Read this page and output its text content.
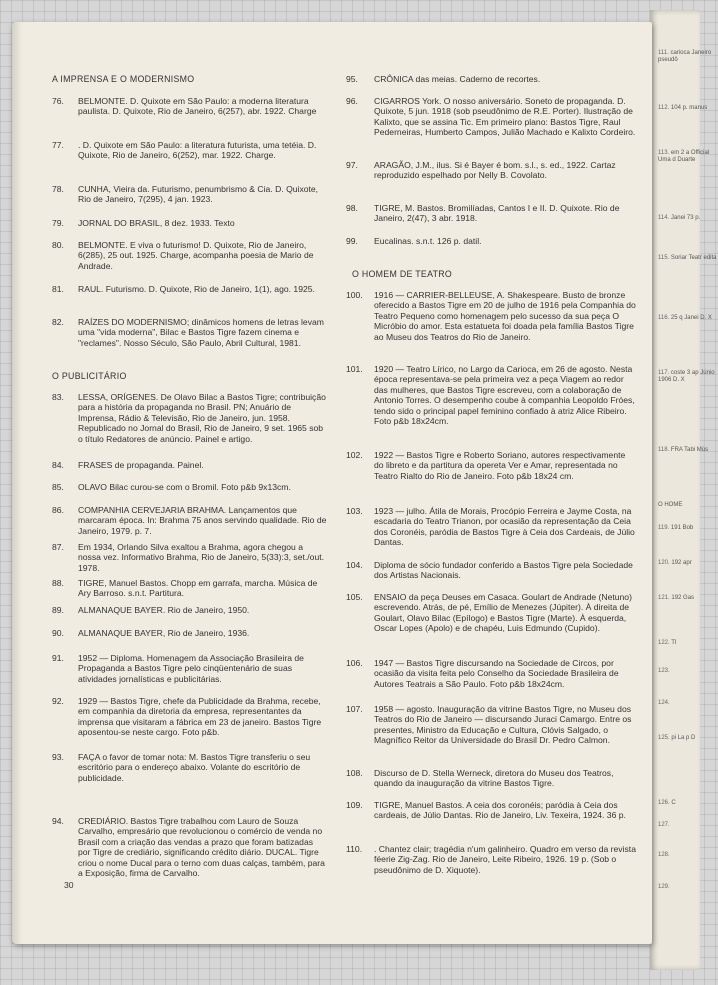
111. carioca Janeiro pseudô
112. 104 p. manus
113. em 2 a Official Uma d Duarte
114. Janei 73 p.
115. Soriar Teatr edita
116. 25 q Janei D. X
117. coste 3 ap Júnio 1906 D. X
118. FRA Tabi Mús
O HOME
119. 191 Bob
120. 192 apr
121. 192 Gas
122. TI
123.
124.
125. pi La p D
126. C
127.
128.
129.
A IMPRENSA E O MODERNISMO
76. BELMONTE. D. Quixote em São Paulo: a moderna literatura paulista. D. Quixote, Rio de Janeiro, 6(257), abr. 1922. Charge
77. . D. Quixote em São Paulo: a literatura futurista, uma tetéia. D. Quixote, Rio de Janeiro, 6(252), mar. 1922. Charge.
78. CUNHA, Vieira da. Futurismo, penumbrismo & Cia. D. Quixote, Rio de Janeiro, 7(295), 4 jan. 1923.
79. JORNAL DO BRASIL, 8 dez. 1933. Texto
80. BELMONTE. E viva o futurismo! D. Quixote, Rio de Janeiro, 6(285), 25 out. 1925. Charge, acompanha poesia de Mario de Andrade.
81. RAUL. Futurismo. D. Quixote, Rio de Janeiro, 1(1), ago. 1925.
82. RAÍZES DO MODERNISMO; dinâmicos homens de letras levam uma "vida moderna", Bilac e Bastos Tigre fazem cinema e "reclames". Nosso Século, São Paulo, Abril Cultural, 1981.
O PUBLICITÁRIO
83. LESSA, ORÍGENES. De Olavo Bilac a Bastos Tigre; contribuição para a história da propaganda no Brasil. PN; Anuário de Imprensa, Rádio & Televisão, Rio de Janeiro, jun. 1958. Republicado no Jornal do Brasil, Rio de Janeiro, 9 set. 1965 sob o título Redatores de anúncio. Painel e artigo.
84. FRASES de propaganda. Painel.
85. OLAVO Bilac curou-se com o Bromil. Foto p&b 9x13cm.
86. COMPANHIA CERVEJARIA BRAHMA. Lançamentos que marcaram época. In: Brahma 75 anos servindo qualidade. Rio de Janeiro, 1979. p. 7.
87. Em 1934, Orlando Silva exaltou a Brahma, agora chegou a nossa vez. Informativo Brahma, Rio de Janeiro, 5(33):3, set./out. 1978.
88. TIGRE, Manuel Bastos. Chopp em garrafa, marcha. Música de Ary Barroso. s.n.t. Partitura.
89. ALMANAQUE BAYER. Rio de Janeiro, 1950.
90. ALMANAQUE BAYER, Rio de Janeiro, 1936.
91. 1952 — Diploma. Homenagem da Associação Brasileira de Propaganda a Bastos Tigre pelo cinqüentenário de suas atividades jornalísticas e publicitárias.
92. 1929 — Bastos Tigre, chefe da Publicidade da Brahma, recebe, em companhia da diretoria da empresa, representantes da imprensa que visitaram a fábrica em 23 de janeiro. Bastos Tigre aposentou-se neste cargo. Foto p&b.
93. FAÇA o favor de tomar nota: M. Bastos Tigre transferiu o seu escritório para o endereço abaixo. Volante do escritório de publicidade.
94. CREDIÁRIO. Bastos Tigre trabalhou com Lauro de Souza Carvalho, empresário que revolucionou o comércio de venda no Brasil com a criação das vendas a prazo que foram batizadas por Tigre de crediário, significando crédito diário. DUCAL. Tigre criou o nome Ducal para o terno com duas calças, também, para a Exposição, firma de Carvalho.
95. CRÔNICA das meias. Caderno de recortes.
96. CIGARROS York. O nosso aniversário. Soneto de propaganda. D. Quixote, 5 jun. 1918 (sob pseudônimo de R.E. Porter). Ilustração de Kalixto, que se assina Tic. Em primeiro plano: Bastos Tigre, Raul Pederneiras, Humberto Campos, Julião Machado e Kalixto Cordeiro.
97. ARAGÃO, J.M., ilus. Si é Bayer é bom. s.l., s. ed., 1922. Cartaz reproduzido espelhado por Nelly B. Covolato.
98. TIGRE, M. Bastos. Bromilíadas, Cantos I e II. D. Quixote. Rio de Janeiro, 2(47), 3 abr. 1918.
99. Eucalinas. s.n.t. 126 p. datil.
O HOMEM DE TEATRO
100. 1916 — CARRIER-BELLEUSE, A. Shakespeare. Busto de bronze oferecido a Bastos Tigre em 20 de julho de 1916 pela Companhia do Teatro Pequeno como homenagem pelo sucesso da sua peça O Micróbio do amor. Esta estatueta foi doada pela família Bastos Tigre ao Museu dos Teatros do Rio de Janeiro.
101. 1920 — Teatro Lírico, no Largo da Carioca, em 26 de agosto. Nesta época representava-se pela primeira vez a peça Viagem ao redor das mulheres, que Bastos Tigre escreveu, com a colaboração de Antonio Torres. O desempenho coube à companhia Leopoldo Fróes, tendo sido o principal papel feminino confiado à atriz Alice Ribeiro. Foto p&b 18x24cm.
102. 1922 — Bastos Tigre e Roberto Soriano, autores respectivamente do libreto e da partitura da opereta Ver e Amar, representada no Teatro Rialto do Rio de Janeiro. Foto p&b 18x24 cm.
103. 1923 — julho. Átila de Morais, Procópio Ferreira e Jayme Costa, na escadaria do Teatro Trianon, por ocasião da representação da Ceia dos Coronéis, paródia de Bastos Tigre à Ceia dos Cardeais, de Júlio Dantas.
104. Diploma de sócio fundador conferido a Bastos Tigre pela Sociedade dos Artistas Nacionais.
105. ENSAIO da peça Deuses em Casaca. Goulart de Andrade (Netuno) escrevendo. Atrás, de pé, Emílio de Menezes (Júpiter). À direita de Goulart, Olavo Bilac (Epílogo) e Bastos Tigre (Marte). À esquerda, Oscar Lopes (Apolo) e de chapéu, Luis Edmundo (Cupido).
106. 1947 — Bastos Tigre discursando na Sociedade de Circos, por ocasião da visita feita pelo Conselho da Sociedade Brasileira de Autores Teatrais a São Paulo. Foto p&b 18x24cm.
107. 1958 — agosto. Inauguração da vitrine Bastos Tigre, no Museu dos Teatros do Rio de Janeiro — discursando Juraci Camargo. Entre os presentes, Ministro da Educação e Cultura, Clóvis Salgado, o Magnífico Reitor da Universidade do Brasil Dr. Pedro Calmon.
108. Discurso de D. Stella Werneck, diretora do Museu dos Teatros, quando da inauguração da vitrine Bastos Tigre.
109. TIGRE, Manuel Bastos. A ceia dos coronéis; paródia à Ceia dos cardeais, de Júlio Dantas. Rio de Janeiro, Liv. Texeira, 1924. 36 p.
110. . Chantez clair; tragédia n'um galinheiro. Quadro em verso da revista féerie Zig-Zag. Rio de Janeiro, Leite Ribeiro, 1926. 19 p. (Sob o pseudônimo de D. Xiquote).
30
